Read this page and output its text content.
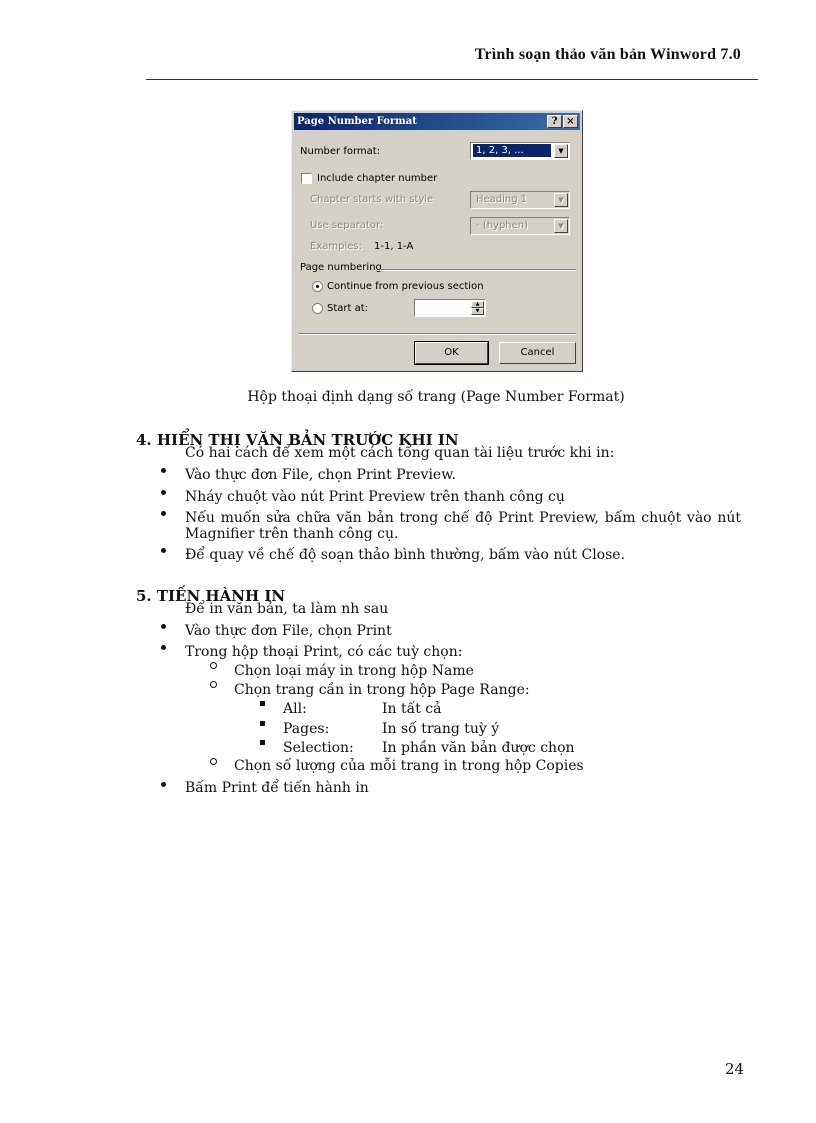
Trình soạn thảo văn bản Winword 7.0
Page Number Format	? ×
Number format:	1, 2, 3, ...	▼
Include chapter number
Chapter starts with style	Heading 1	▼
Use separator:	- (hyphen)	▼
Examples: 1-1, 1-A
Page numbering
Continue from previous section
Start at:	▲
▼
OK	Cancel
Hộp thoại định dạng số trang (Page Number Format)
4. HIỂN THỊ VĂN BẢN TRƯỚC KHI IN
Có hai cách để xem một cách tổng quan tài liệu trước khi in:
Vào thực đơn File, chọn Print Preview.
Nháy chuột vào nút Print Preview trên thanh công cụ
Nếu muốn sửa chữa văn bản trong chế độ Print Preview, bấm chuột vào nút
Magnifier trên thanh công cụ.
Để quay về chế độ soạn thảo bình thường, bấm vào nút Close.
5. TIẾN HÀNH IN
Để in văn bản, ta làm nh sau
Vào thực đơn File, chọn Print
Trong hộp thoại Print, có các tuỳ chọn:
Chọn loại máy in trong hộp Name
Chọn trang cần in trong hộp Page Range:
All:	In tất cả
Pages:	In số trang tuỳ ý
Selection: In phần văn bản được chọn
Chọn số lượng của mỗi trang in trong hộp Copies
Bấm Print để tiến hành in
24
